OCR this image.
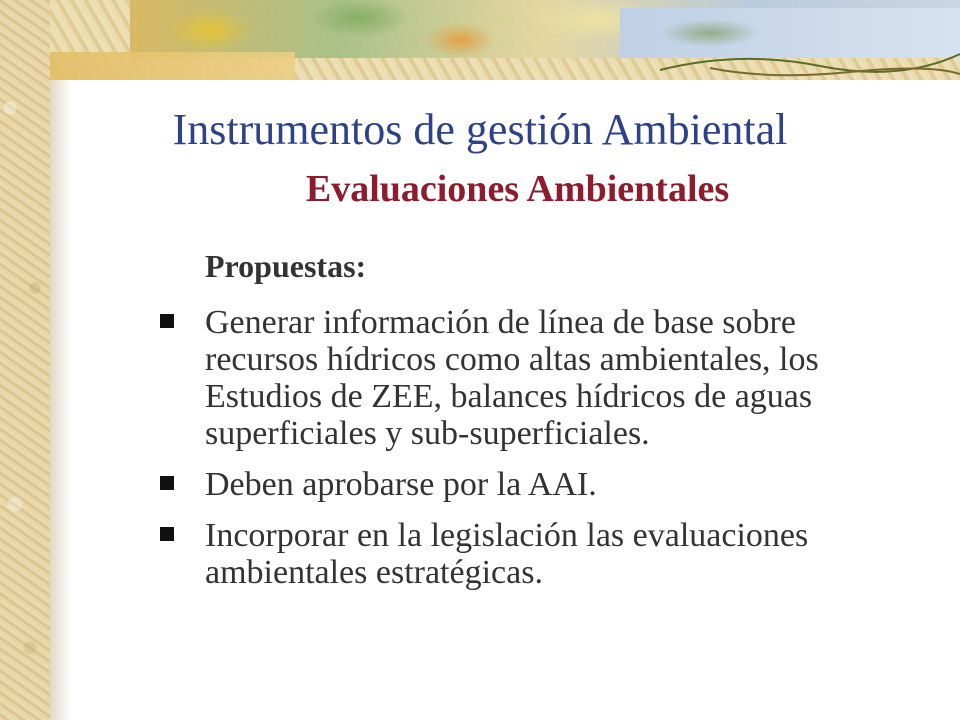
Instrumentos de gestión Ambiental
Evaluaciones Ambientales

Propuestas:

Generar información de línea de base sobre recursos hídricos como altas ambientales, los Estudios de ZEE, balances hídricos de aguas superficiales y sub-superficiales.
Deben aprobarse por la AAI.
Incorporar en la legislación las evaluaciones ambientales estratégicas.
